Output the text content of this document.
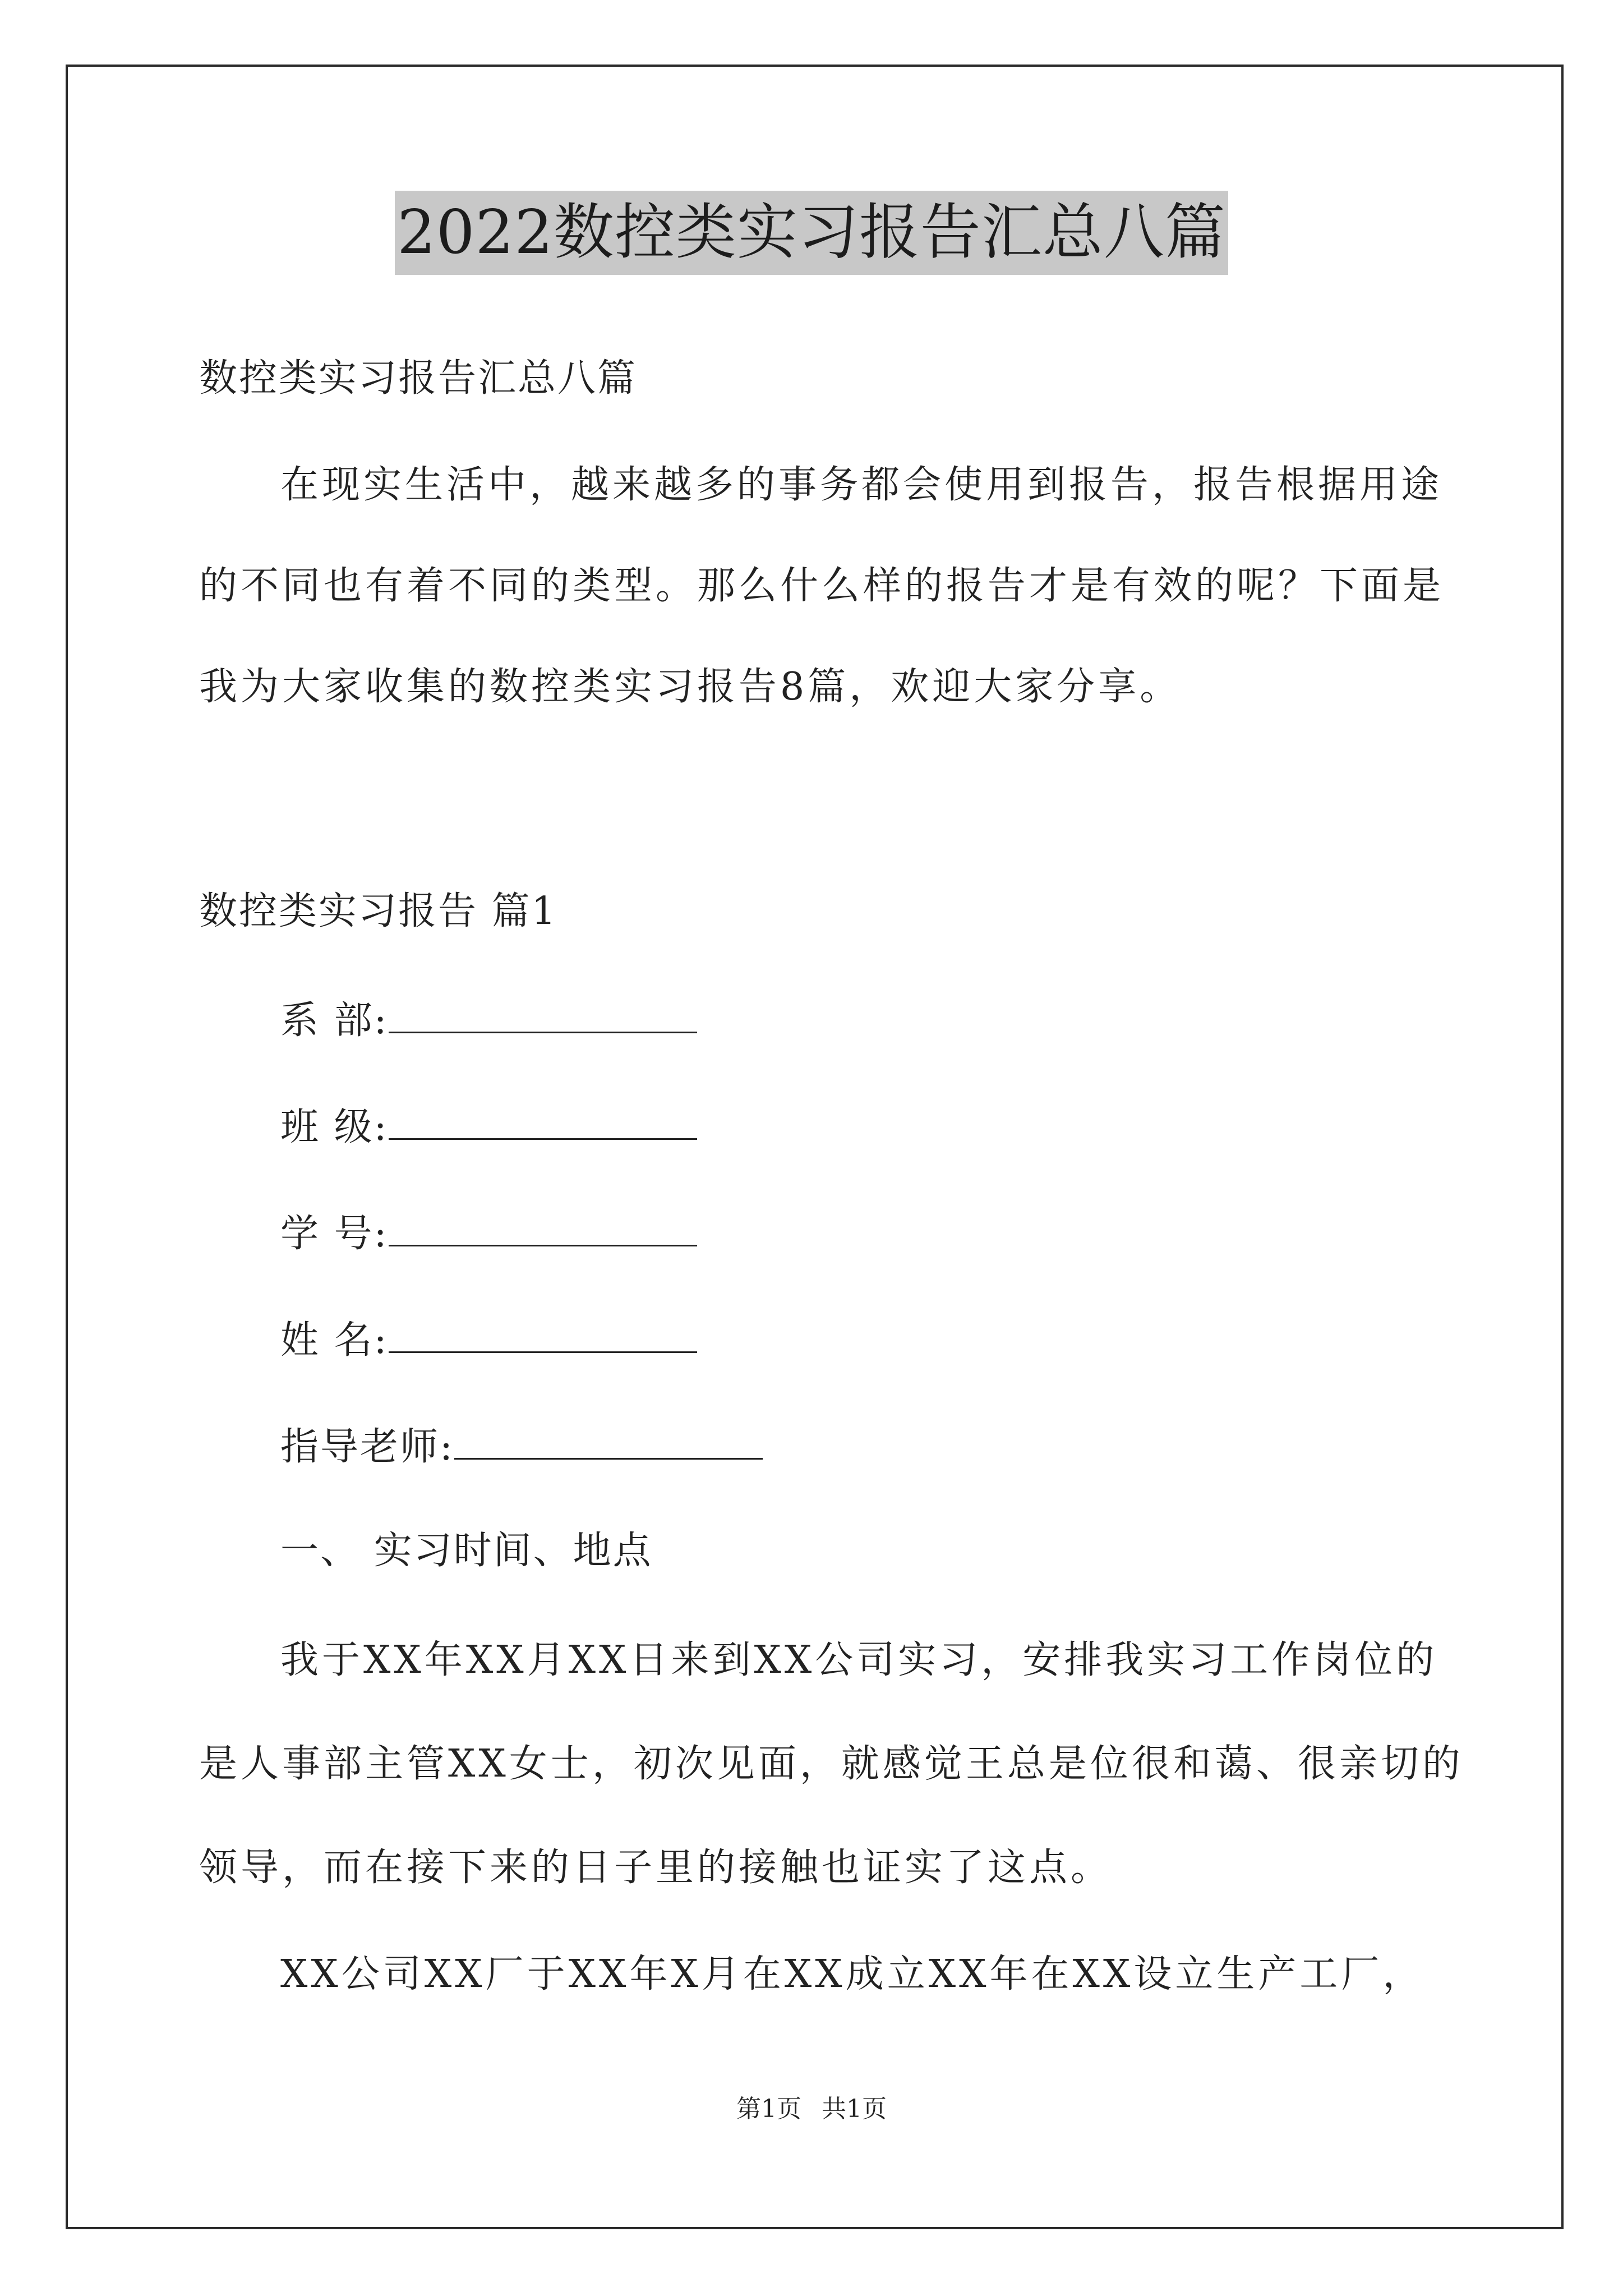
2022数控类实习报告汇总八篇
数控类实习报告汇总八篇
在现实生活中，越来越多的事务都会使用到报告，报告根据用途
的不同也有着不同的类型。那么什么样的报告才是有效的呢？下面是
我为大家收集的数控类实习报告8篇，欢迎大家分享。
数控类实习报告 篇1
系 部:
班 级:
学 号:
姓 名:
指导老师:
一、 实习时间、地点
我于XX年XX月XX日来到XX公司实习，安排我实习工作岗位的
是人事部主管XX女士，初次见面，就感觉王总是位很和蔼、很亲切的
领导，而在接下来的日子里的接触也证实了这点。
XX公司XX厂于XX年X月在XX成立XX年在XX设立生产工厂，
第1页 共1页
